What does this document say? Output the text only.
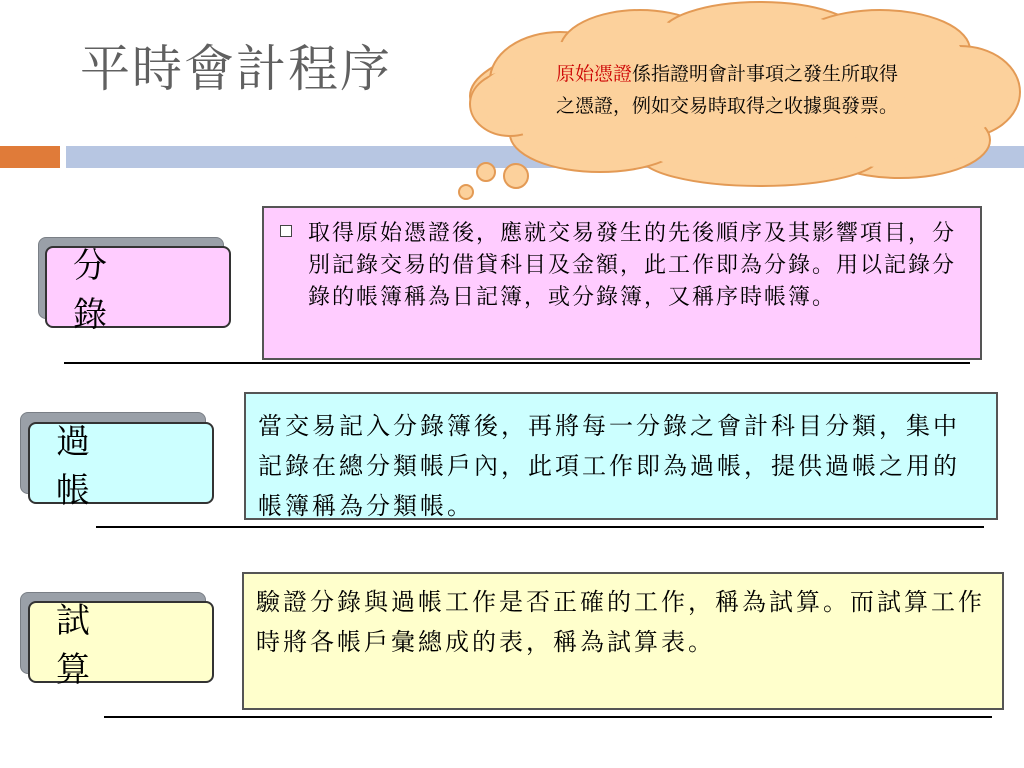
平時會計程序	原始憑證係指證明會計事項之發生所取得之憑證，例如交易時取得之收據與發票。
分　錄
取得原始憑證後，應就交易發生的先後順序及其影響項目，分別記錄交易的借貸科目及金額，此工作即為分錄。用以記錄分錄的帳簿稱為日記簿，或分錄簿，又稱序時帳簿。
過　帳
當交易記入分錄簿後，再將每一分錄之會計科目分類，集中記錄在總分類帳戶內，此項工作即為過帳，提供過帳之用的帳簿稱為分類帳。
試　算
驗證分錄與過帳工作是否正確的工作，稱為試算。而試算工作時將各帳戶彙總成的表，稱為試算表。
